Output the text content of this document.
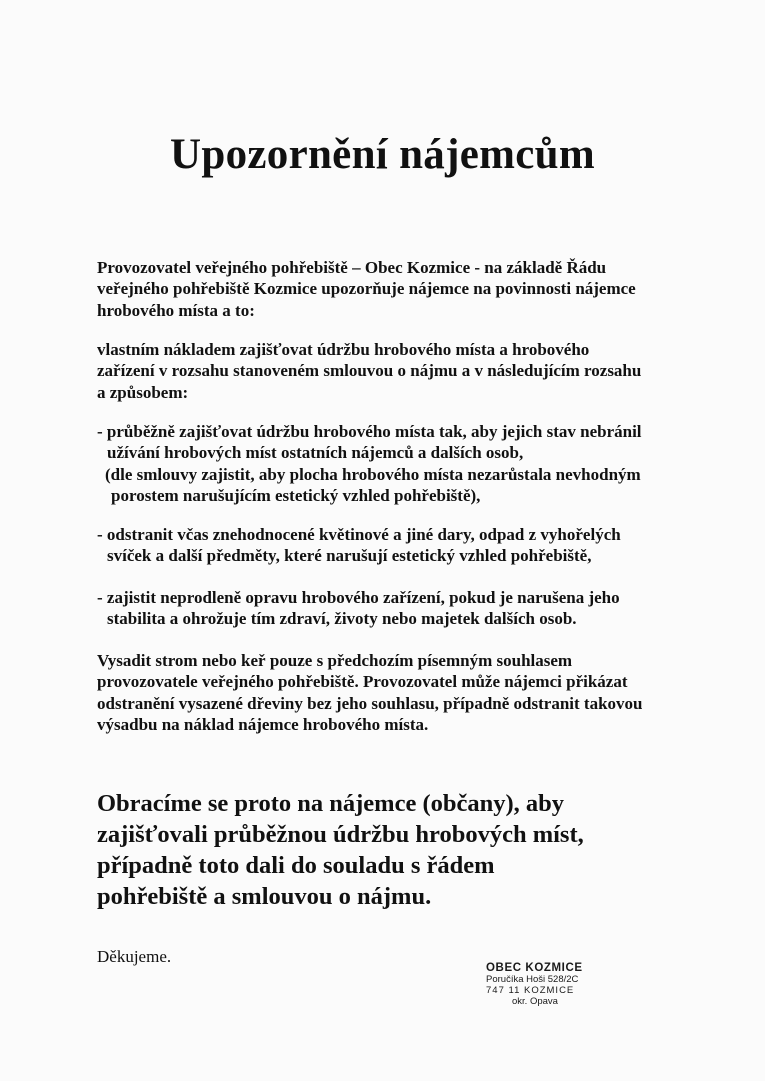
Upozornění nájemcům

Provozovatel veřejného pohřebiště – Obec Kozmice - na základě Řádu
veřejného pohřebiště Kozmice upozorňuje nájemce na povinnosti nájemce
hrobového místa a to:

vlastním nákladem zajišťovat údržbu hrobového místa a hrobového
zařízení v rozsahu stanoveném smlouvou o nájmu a v následujícím rozsahu
a způsobem:

- průběžně zajišťovat údržbu hrobového místa tak, aby jejich stav nebránil
užívání hrobových míst ostatních nájemců a dalších osob,
(dle smlouvy zajistit, aby plocha hrobového místa nezarůstala nevhodným
porostem narušujícím estetický vzhled pohřebiště),

- odstranit včas znehodnocené květinové a jiné dary, odpad z vyhořelých
svíček a další předměty, které narušují estetický vzhled pohřebiště,

- zajistit neprodleně opravu hrobového zařízení, pokud je narušena jeho
stabilita a ohrožuje tím zdraví, životy nebo majetek dalších osob.

Vysadit strom nebo keř pouze s předchozím písemným souhlasem
provozovatele veřejného pohřebiště. Provozovatel může nájemci přikázat
odstranění vysazené dřeviny bez jeho souhlasu, případně odstranit takovou
výsadbu na náklad nájemce hrobového místa.

Obracíme se proto na nájemce (občany), aby
zajišťovali průběžnou údržbu hrobových míst,
případně toto dali do souladu s řádem
pohřebiště a smlouvou o nájmu.

Děkujeme.

OBEC KOZMICE
Poručíka Hoši 528/2C
747 11 KOZMICE
okr. Opava
